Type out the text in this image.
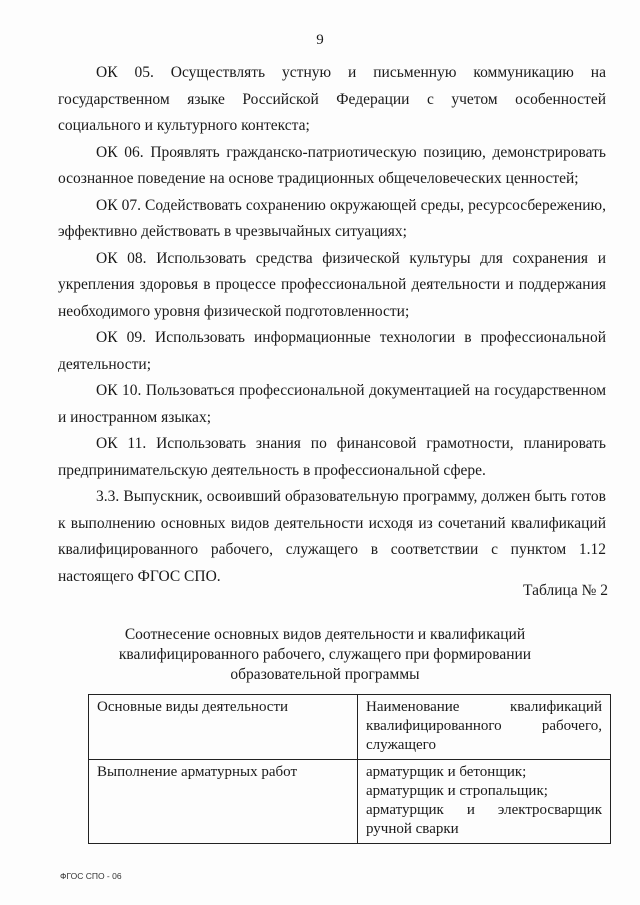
9

ОК 05. Осуществлять устную и письменную коммуникацию на государственном языке Российской Федерации с учетом особенностей социального и культурного контекста;

ОК 06. Проявлять гражданско-патриотическую позицию, демонстрировать осознанное поведение на основе традиционных общечеловеческих ценностей;

ОК 07. Содействовать сохранению окружающей среды, ресурсосбережению, эффективно действовать в чрезвычайных ситуациях;

ОК 08. Использовать средства физической культуры для сохранения и укрепления здоровья в процессе профессиональной деятельности и поддержания необходимого уровня физической подготовленности;

ОК 09. Использовать информационные технологии в профессиональной деятельности;

ОК 10. Пользоваться профессиональной документацией на государственном и иностранном языках;

ОК 11. Использовать знания по финансовой грамотности, планировать предпринимательскую деятельность в профессиональной сфере.

3.3. Выпускник, освоивший образовательную программу, должен быть готов к выполнению основных видов деятельности исходя из сочетаний квалификаций квалифицированного рабочего, служащего в соответствии с пунктом 1.12 настоящего ФГОС СПО.

Таблица № 2
Соотнесение основных видов деятельности и квалификаций квалифицированного рабочего, служащего при формировании образовательной программы
Основные виды деятельности	Наименование квалификаций квалифицированного рабочего, служащего
Выполнение арматурных работ	арматурщик и бетонщик;
арматурщик и стропальщик;
арматурщик и электросварщик ручной сварки
ФГОС СПО - 06
